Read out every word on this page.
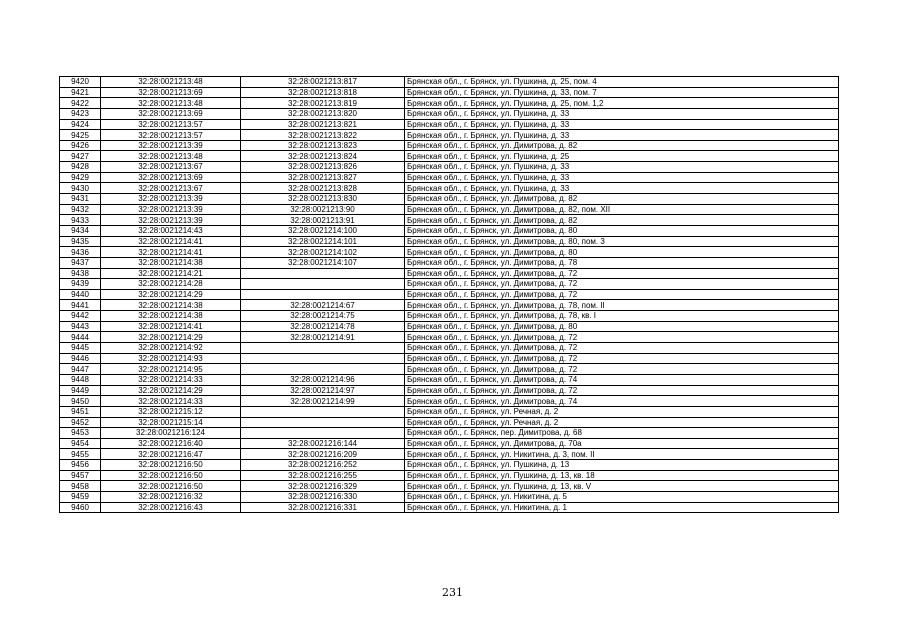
9420	32:28:0021213:48	32:28:0021213:817	Брянская обл., г. Брянск, ул. Пушкина, д. 25, пом. 4
9421	32:28:0021213:69	32:28:0021213:818	Брянская обл., г. Брянск, ул. Пушкина, д. 33, пом. 7
9422	32:28:0021213:48	32:28:0021213:819	Брянская обл., г. Брянск, ул. Пушкина, д. 25, пом. 1,2
9423	32:28:0021213:69	32:28:0021213:820	Брянская обл., г. Брянск, ул. Пушкина, д. 33
9424	32:28:0021213:57	32:28:0021213:821	Брянская обл., г. Брянск, ул. Пушкина, д. 33
9425	32:28:0021213:57	32:28:0021213:822	Брянская обл., г. Брянск, ул. Пушкина, д. 33
9426	32:28:0021213:39	32:28:0021213:823	Брянская обл., г. Брянск, ул. Димитрова, д. 82
9427	32:28:0021213:48	32:28:0021213:824	Брянская обл., г. Брянск, ул. Пушкина, д. 25
9428	32:28:0021213:67	32:28:0021213:826	Брянская обл., г. Брянск, ул. Пушкина, д. 33
9429	32:28:0021213:69	32:28:0021213:827	Брянская обл., г. Брянск, ул. Пушкина, д. 33
9430	32:28:0021213:67	32:28:0021213:828	Брянская обл., г. Брянск, ул. Пушкина, д. 33
9431	32:28:0021213:39	32:28:0021213:830	Брянская обл., г. Брянск, ул. Димитрова, д. 82
9432	32:28:0021213:39	32:28:0021213:90	Брянская обл., г. Брянск, ул. Димитрова, д. 82, пом. XII
9433	32:28:0021213:39	32:28:0021213:91	Брянская обл., г. Брянск, ул. Димитрова, д. 82
9434	32:28:0021214:43	32:28:0021214:100	Брянская обл., г. Брянск, ул. Димитрова, д. 80
9435	32:28:0021214:41	32:28:0021214:101	Брянская обл., г. Брянск, ул. Димитрова, д. 80, пом. 3
9436	32:28:0021214:41	32:28:0021214:102	Брянская обл., г. Брянск, ул. Димитрова, д. 80
9437	32:28:0021214:38	32:28:0021214:107	Брянская обл., г. Брянск, ул. Димитрова, д. 78
9438	32:28:0021214:21		Брянская обл., г. Брянск, ул. Димитрова, д. 72
9439	32:28:0021214:28		Брянская обл., г. Брянск, ул. Димитрова, д. 72
9440	32:28:0021214:29		Брянская обл., г. Брянск, ул. Димитрова, д. 72
9441	32:28:0021214:38	32:28:0021214:67	Брянская обл., г. Брянск, ул. Димитрова, д. 78, пом. II
9442	32:28:0021214:38	32:28:0021214:75	Брянская обл., г. Брянск, ул. Димитрова, д. 78, кв. I
9443	32:28:0021214:41	32:28:0021214:78	Брянская обл., г. Брянск, ул. Димитрова, д. 80
9444	32:28:0021214:29	32:28:0021214:91	Брянская обл., г. Брянск, ул. Димитрова, д. 72
9445	32:28:0021214:92		Брянская обл., г. Брянск, ул. Димитрова, д. 72
9446	32:28:0021214:93		Брянская обл., г. Брянск, ул. Димитрова, д. 72
9447	32:28:0021214:95		Брянская обл., г. Брянск, ул. Димитрова, д. 72
9448	32:28:0021214:33	32:28:0021214:96	Брянская обл., г. Брянск, ул. Димитрова, д. 74
9449	32:28:0021214:29	32:28:0021214:97	Брянская обл., г. Брянск, ул. Димитрова, д. 72
9450	32:28:0021214:33	32:28:0021214:99	Брянская обл., г. Брянск, ул. Димитрова, д. 74
9451	32:28:0021215:12		Брянская обл., г. Брянск, ул. Речная, д. 2
9452	32:28:0021215:14		Брянская обл., г. Брянск, ул. Речная, д. 2
9453	32:28:0021216:124		Брянская обл., г. Брянск, пер. Димитрова, д. 68
9454	32:28:0021216:40	32:28:0021216:144	Брянская обл., г. Брянск, ул. Димитрова, д. 70а
9455	32:28:0021216:47	32:28:0021216:209	Брянская обл., г. Брянск, ул. Никитина, д. 3, пом. II
9456	32:28:0021216:50	32:28:0021216:252	Брянская обл., г. Брянск, ул. Пушкина, д. 13
9457	32:28:0021216:50	32:28:0021216:255	Брянская обл., г. Брянск, ул. Пушкина, д. 13, кв. 18
9458	32:28:0021216:50	32:28:0021216:329	Брянская обл., г. Брянск, ул. Пушкина, д. 13, кв. V
9459	32:28:0021216:32	32:28:0021216:330	Брянская обл., г. Брянск, ул. Никитина, д. 5
9460	32:28:0021216:43	32:28:0021216:331	Брянская обл., г. Брянск, ул. Никитина, д. 1
231
